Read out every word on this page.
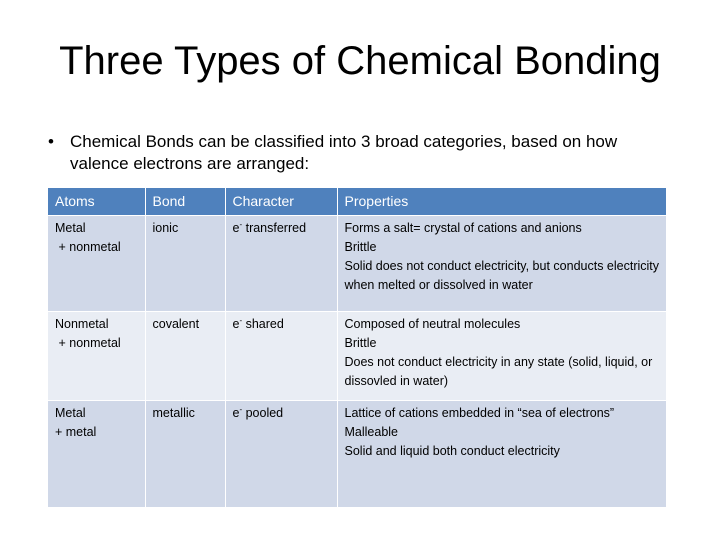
Three Types of Chemical Bonding
• Chemical Bonds can be classified into 3 broad categories, based on how valence electrons are arranged:
Atoms	Bond	Character	Properties

Metal
+ nonmetal	ionic	e- transferred	Forms a salt= crystal of cations and anions
Brittle
Solid does not conduct electricity, but conducts electricity when melted or dissolved in water

Nonmetal
+ nonmetal	covalent	e- shared	Composed of neutral molecules
Brittle
Does not conduct electricity in any state (solid, liquid, or dissovled in water)

Metal
+ metal	metallic	e- pooled	Lattice of cations embedded in “sea of electrons”
Malleable
Solid and liquid both conduct electricity
